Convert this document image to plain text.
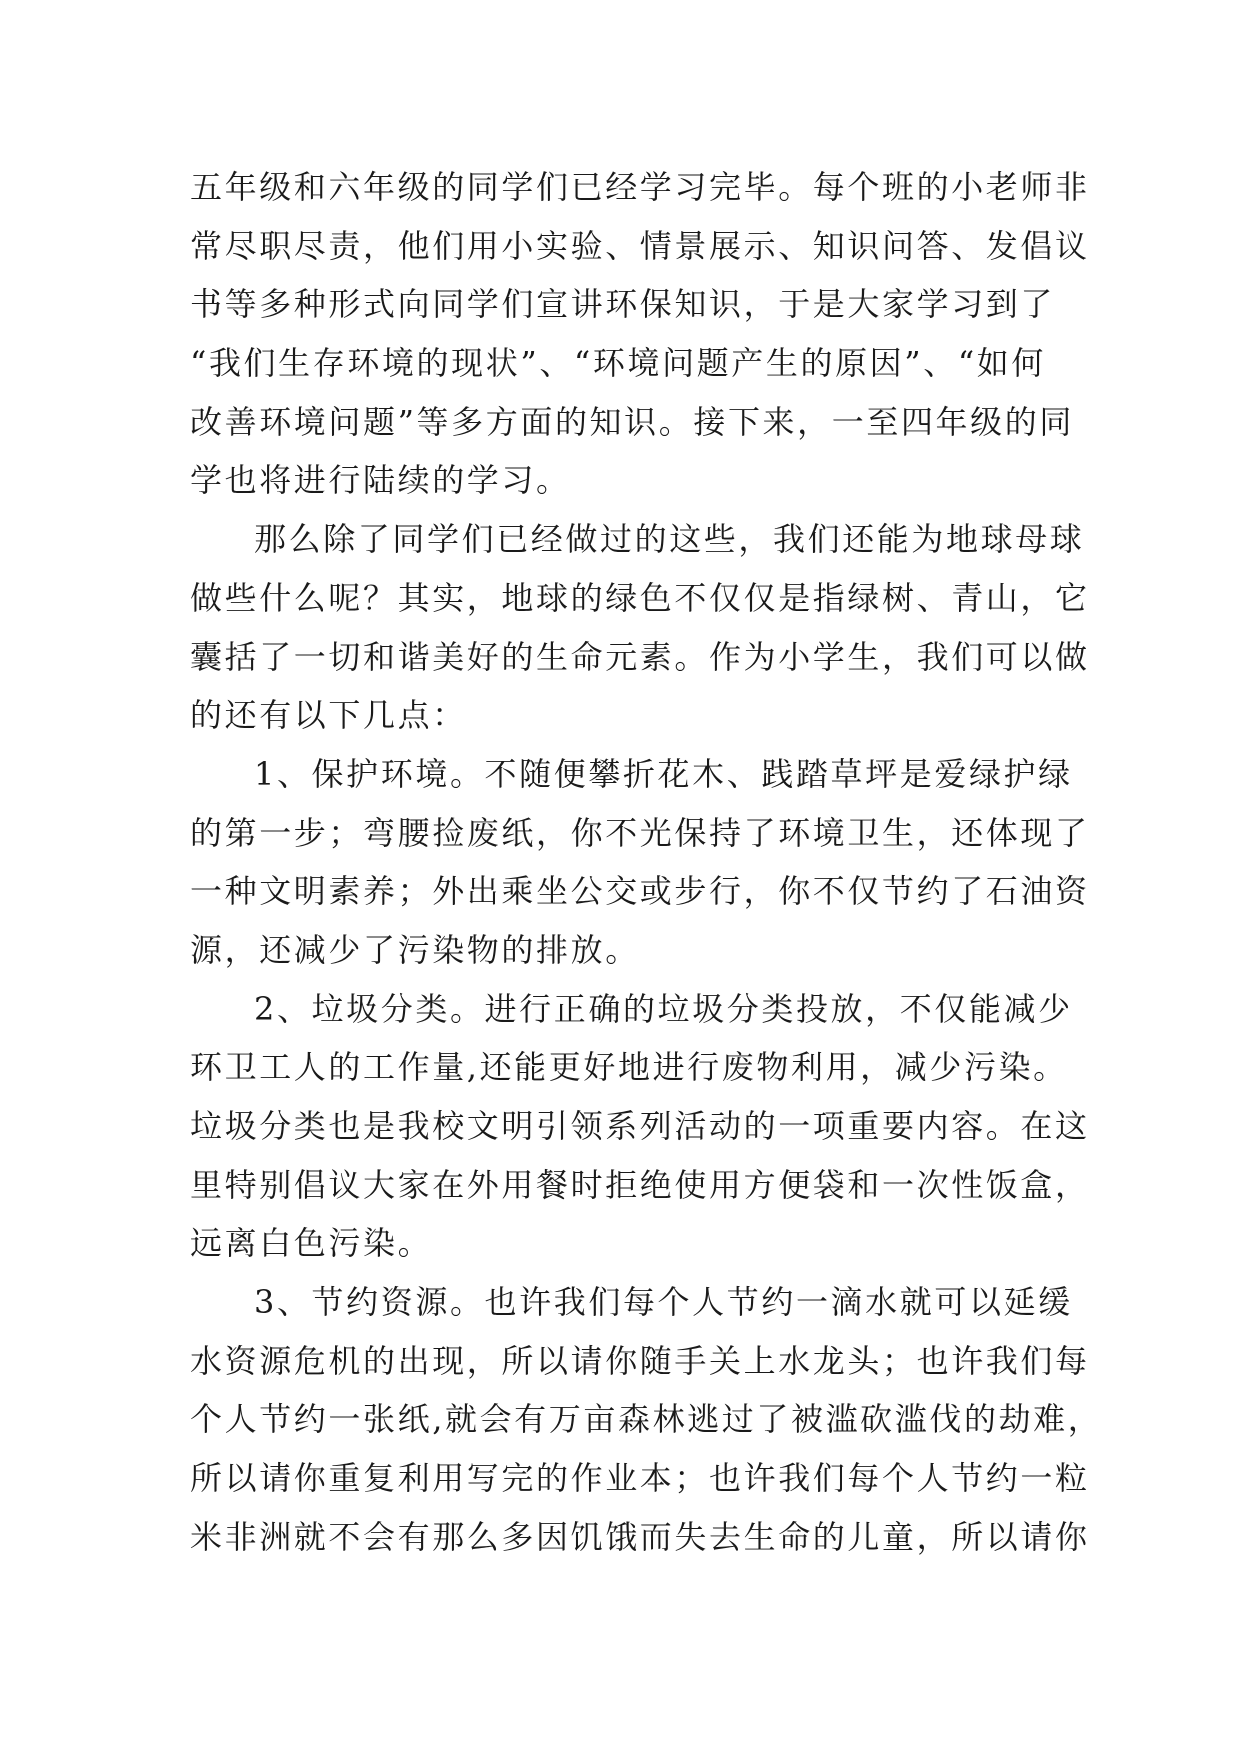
五年级和六年级的同学们已经学习完毕。每个班的小老师非
常尽职尽责，他们用小实验、情景展示、知识问答、发倡议
书等多种形式向同学们宣讲环保知识，于是大家学习到了
“我们生存环境的现状”、“环境问题产生的原因”、“如何
改善环境问题”等多方面的知识。接下来，一至四年级的同
学也将进行陆续的学习。
那么除了同学们已经做过的这些，我们还能为地球母球
做些什么呢？其实，地球的绿色不仅仅是指绿树、青山，它
囊括了一切和谐美好的生命元素。作为小学生，我们可以做
的还有以下几点：
1、保护环境。不随便攀折花木、践踏草坪是爱绿护绿
的第一步；弯腰捡废纸，你不光保持了环境卫生，还体现了
一种文明素养；外出乘坐公交或步行，你不仅节约了石油资
源，还减少了污染物的排放。
2、垃圾分类。进行正确的垃圾分类投放，不仅能减少
环卫工人的工作量,还能更好地进行废物利用，减少污染。
垃圾分类也是我校文明引领系列活动的一项重要内容。在这
里特别倡议大家在外用餐时拒绝使用方便袋和一次性饭盒，
远离白色污染。
3、节约资源。也许我们每个人节约一滴水就可以延缓
水资源危机的出现，所以请你随手关上水龙头；也许我们每
个人节约一张纸,就会有万亩森林逃过了被滥砍滥伐的劫难，
所以请你重复利用写完的作业本；也许我们每个人节约一粒
米非洲就不会有那么多因饥饿而失去生命的儿童，所以请你
